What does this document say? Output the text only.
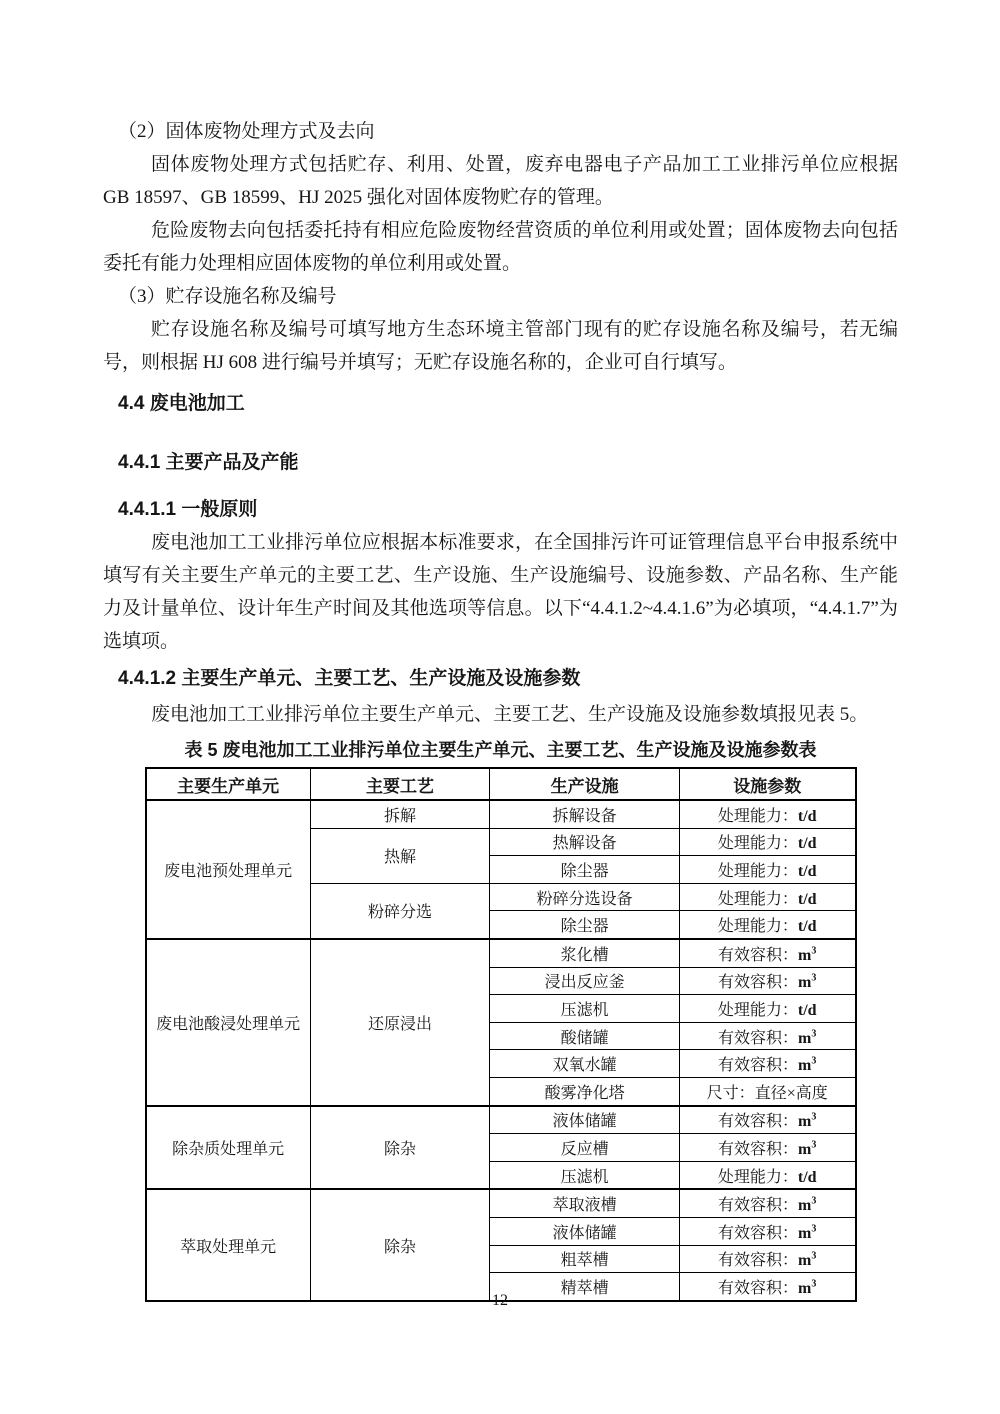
（2）固体废物处理方式及去向

固体废物处理方式包括贮存、利用、处置，废弃电器电子产品加工工业排污单位应根据 GB 18597、GB 18599、HJ 2025 强化对固体废物贮存的管理。

危险废物去向包括委托持有相应危险废物经营资质的单位利用或处置；固体废物去向包括委托有能力处理相应固体废物的单位利用或处置。

（3）贮存设施名称及编号

贮存设施名称及编号可填写地方生态环境主管部门现有的贮存设施名称及编号，若无编号，则根据 HJ 608 进行编号并填写；无贮存设施名称的，企业可自行填写。

4.4 废电池加工
4.4.1 主要产品及产能
4.4.1.1 一般原则

废电池加工工业排污单位应根据本标准要求，在全国排污许可证管理信息平台申报系统中填写有关主要生产单元的主要工艺、生产设施、生产设施编号、设施参数、产品名称、生产能力及计量单位、设计年生产时间及其他选项等信息。以下“4.4.1.2~4.4.1.6”为必填项，“4.4.1.7”为选填项。

4.4.1.2 主要生产单元、主要工艺、生产设施及设施参数

废电池加工工业排污单位主要生产单元、主要工艺、生产设施及设施参数填报见表 5。

表 5 废电池加工工业排污单位主要生产单元、主要工艺、生产设施及设施参数表

主要生产单元	主要工艺	生产设施	设施参数
废电池预处理单元	拆解	拆解设备	处理能力：t/d
	热解	热解设备	处理能力：t/d
		除尘器	处理能力：t/d
	粉碎分选	粉碎分选设备	处理能力：t/d
		除尘器	处理能力：t/d
废电池酸浸处理单元	还原浸出	浆化槽	有效容积：$m^3$
		浸出反应釜	有效容积：$m^3$
		压滤机	处理能力：t/d
		酸储罐	有效容积：$m^3$
		双氧水罐	有效容积：$m^3$
		酸雾净化塔	尺寸：直径×高度
除杂质处理单元	除杂	液体储罐	有效容积：$m^3$
		反应槽	有效容积：$m^3$
		压滤机	处理能力：t/d
萃取处理单元	除杂	萃取液槽	有效容积：$m^3$
		液体储罐	有效容积：$m^3$
		粗萃槽	有效容积：$m^3$
		精萃槽	有效容积：$m^3$
12
